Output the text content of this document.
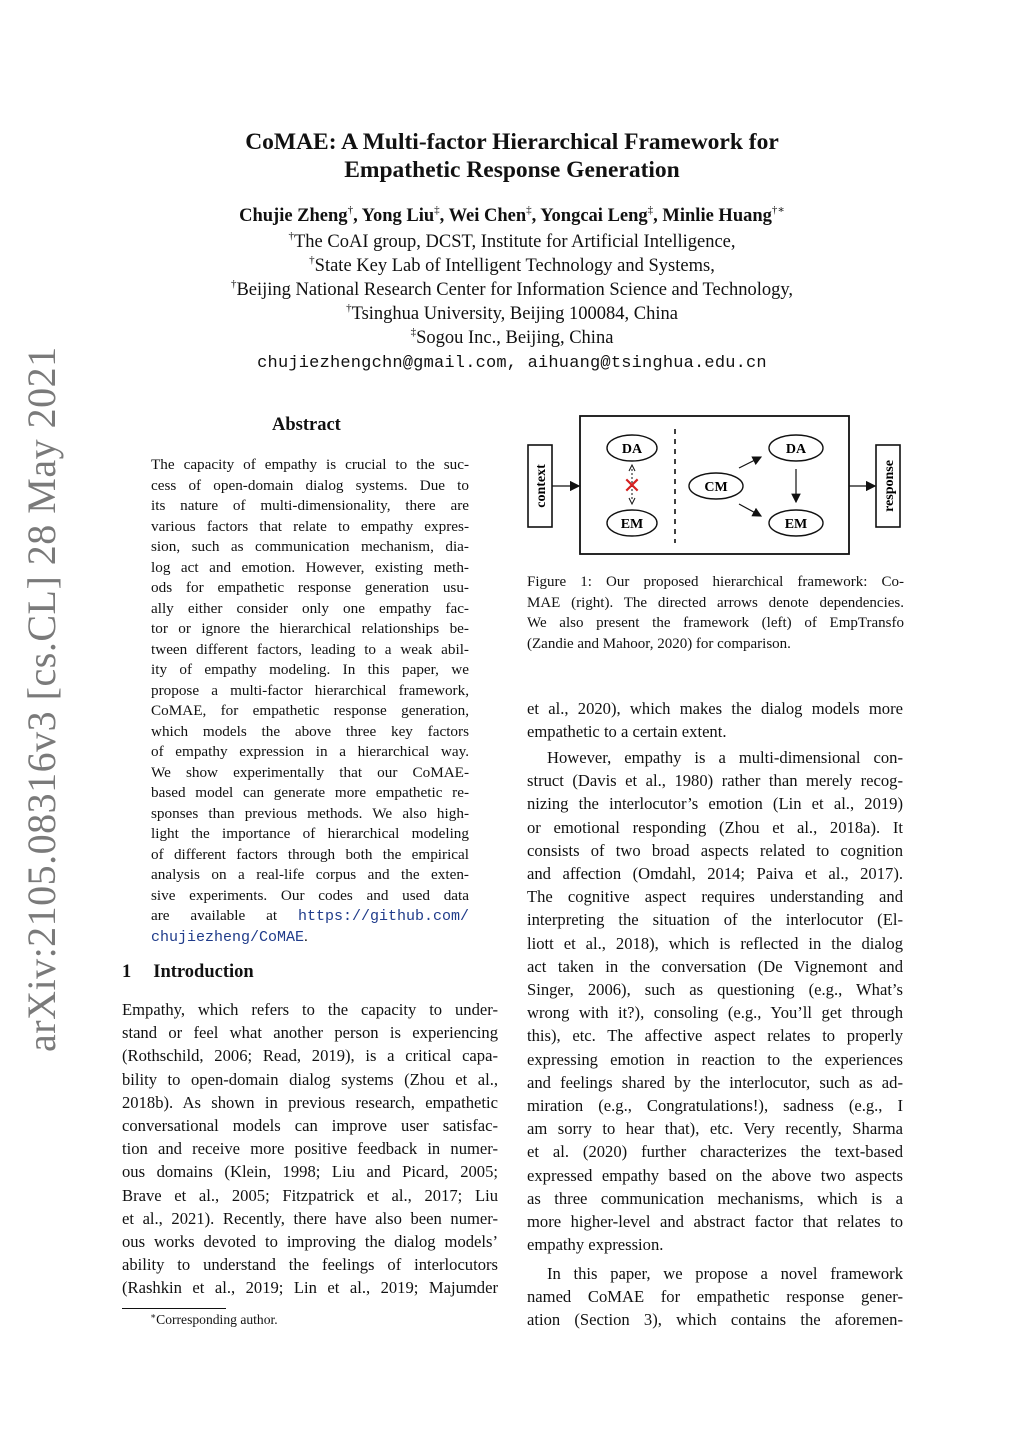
arXiv:2105.08316v3 [cs.CL] 28 May 2021
CoMAE: A Multi-factor Hierarchical Framework for
Empathetic Response Generation
Chujie Zheng†, Yong Liu‡, Wei Chen‡, Yongcai Leng‡, Minlie Huang†∗
†The CoAI group, DCST, Institute for Artificial Intelligence,
†State Key Lab of Intelligent Technology and Systems,
†Beijing National Research Center for Information Science and Technology,
†Tsinghua University, Beijing 100084, China
‡Sogou Inc., Beijing, China
chujiezhengchn@gmail.com, aihuang@tsinghua.edu.cn
Abstract
The capacity of empathy is crucial to the suc-
cess of open-domain dialog systems. Due to
its nature of multi-dimensionality, there are
various factors that relate to empathy expres-
sion, such as communication mechanism, dia-
log act and emotion. However, existing meth-
ods for empathetic response generation usu-
ally either consider only one empathy fac-
tor or ignore the hierarchical relationships be-
tween different factors, leading to a weak abil-
ity of empathy modeling. In this paper, we
propose a multi-factor hierarchical framework,
CoMAE, for empathetic response generation,
which models the above three key factors
of empathy expression in a hierarchical way.
We show experimentally that our CoMAE-
based model can generate more empathetic re-
sponses than previous methods. We also high-
light the importance of hierarchical modeling
of different factors through both the empirical
analysis on a real-life corpus and the exten-
sive experiments. Our codes and used data
are available at https://github.com/
chujiezheng/CoMAE.
1 Introduction
Empathy, which refers to the capacity to under-
stand or feel what another person is experiencing
(Rothschild, 2006; Read, 2019), is a critical capa-
bility to open-domain dialog systems (Zhou et al.,
2018b). As shown in previous research, empathetic
conversational models can improve user satisfac-
tion and receive more positive feedback in numer-
ous domains (Klein, 1998; Liu and Picard, 2005;
Brave et al., 2005; Fitzpatrick et al., 2017; Liu
et al., 2021). Recently, there have also been numer-
ous works devoted to improving the dialog models’
ability to understand the feelings of interlocutors
(Rashkin et al., 2019; Lin et al., 2019; Majumder
∗Corresponding author.
context
DA
EM
✕	CM
DA
EM
response
Figure 1: Our proposed hierarchical framework: Co-
MAE (right). The directed arrows denote dependencies.
We also present the framework (left) of EmpTransfo
(Zandie and Mahoor, 2020) for comparison.
et al., 2020), which makes the dialog models more
empathetic to a certain extent.
However, empathy is a multi-dimensional con-
struct (Davis et al., 1980) rather than merely recog-
nizing the interlocutor’s emotion (Lin et al., 2019)
or emotional responding (Zhou et al., 2018a). It
consists of two broad aspects related to cognition
and affection (Omdahl, 2014; Paiva et al., 2017).
The cognitive aspect requires understanding and
interpreting the situation of the interlocutor (El-
liott et al., 2018), which is reflected in the dialog
act taken in the conversation (De Vignemont and
Singer, 2006), such as questioning (e.g., What’s
wrong with it?), consoling (e.g., You’ll get through
this), etc. The affective aspect relates to properly
expressing emotion in reaction to the experiences
and feelings shared by the interlocutor, such as ad-
miration (e.g., Congratulations!), sadness (e.g., I
am sorry to hear that), etc. Very recently, Sharma
et al. (2020) further characterizes the text-based
expressed empathy based on the above two aspects
as three communication mechanisms, which is a
more higher-level and abstract factor that relates to
empathy expression.
In this paper, we propose a novel framework
named CoMAE for empathetic response gener-
ation (Section 3), which contains the aforemen-
